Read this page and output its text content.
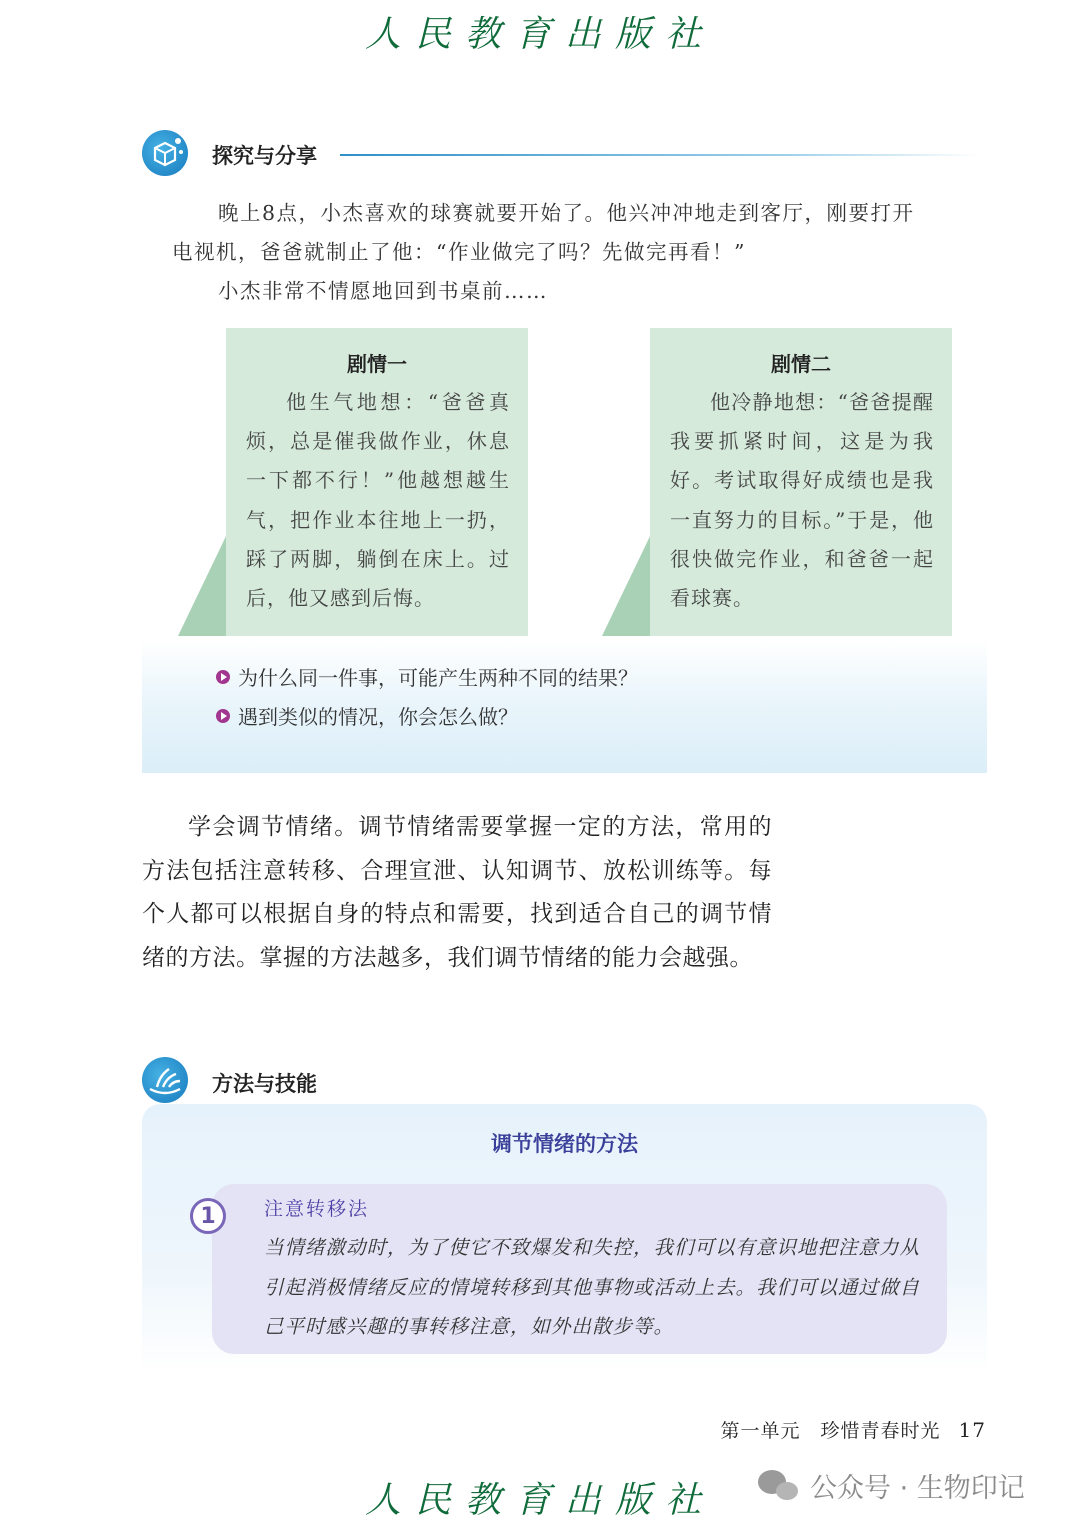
人民教育出版社
探究与分享
晚上8点，小杰喜欢的球赛就要开始了。他兴冲冲地走到客厅，刚要打开
电视机，爸爸就制止了他：“作业做完了吗？先做完再看！”
小杰非常不情愿地回到书桌前……
剧情一
他生气地想：“爸爸真烦，总是催我做作业，休息一下都不行！”他越想越生气，把作业本往地上一扔，踩了两脚，躺倒在床上。过后，他又感到后悔。
剧情二
他冷静地想：“爸爸提醒我要抓紧时间，这是为我好。考试取得好成绩也是我一直努力的目标。”于是，他很快做完作业，和爸爸一起看球赛。
为什么同一件事，可能产生两种不同的结果？
遇到类似的情况，你会怎么做？
学会调节情绪。调节情绪需要掌握一定的方法，常用的方法包括注意转移、合理宣泄、认知调节、放松训练等。每个人都可以根据自身的特点和需要，找到适合自己的调节情绪的方法。掌握的方法越多，我们调节情绪的能力会越强。
方法与技能
调节情绪的方法
1	注意转移法
当情绪激动时，为了使它不致爆发和失控，我们可以有意识地把注意力从引起消极情绪反应的情境转移到其他事物或活动上去。我们可以通过做自己平时感兴趣的事转移注意，如外出散步等。
第一单元　珍惜青春时光 17
人民教育出版社	公众号 · 生物印记
